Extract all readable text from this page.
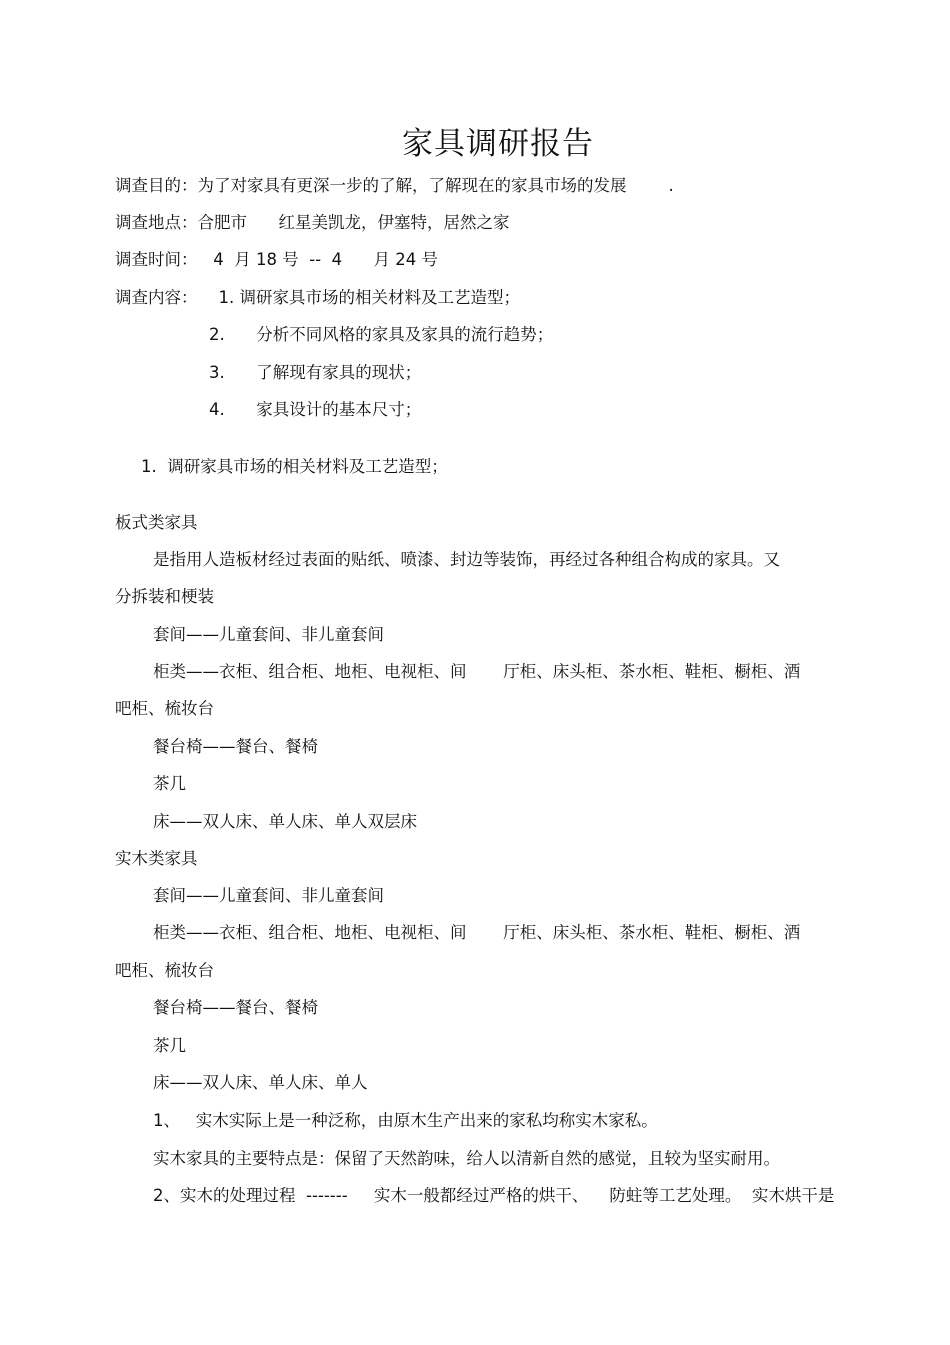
家具调研报告
调查目的：为了对家具有更深一步的了解，了解现在的家具市场的发展        .
调查地点：合肥市      红星美凯龙，伊塞特，居然之家
调查时间：   4  月 18 号  --  4      月 24 号
调查内容：    1. 调研家具市场的相关材料及工艺造型；
2.      分析不同风格的家具及家具的流行趋势；
3.      了解现有家具的现状；
4.      家具设计的基本尺寸；
1.  调研家具市场的相关材料及工艺造型；
板式类家具
是指用人造板材经过表面的贴纸、喷漆、封边等装饰，再经过各种组合构成的家具。又
分拆装和梗装
套间——儿童套间、非儿童套间
柜类——衣柜、组合柜、地柜、电视柜、间       厅柜、床头柜、茶水柜、鞋柜、橱柜、酒
吧柜、梳妆台
餐台椅——餐台、餐椅
茶几
床——双人床、单人床、单人双层床
实木类家具
套间——儿童套间、非儿童套间
柜类——衣柜、组合柜、地柜、电视柜、间       厅柜、床头柜、茶水柜、鞋柜、橱柜、酒
吧柜、梳妆台
餐台椅——餐台、餐椅
茶几
床——双人床、单人床、单人
1、   实木实际上是一种泛称，由原木生产出来的家私均称实木家私。
实木家具的主要特点是：保留了天然韵味，给人以清新自然的感觉，且较为坚实耐用。
2、实木的处理过程  -------     实木一般都经过严格的烘干、    防蛀等工艺处理。  实木烘干是
